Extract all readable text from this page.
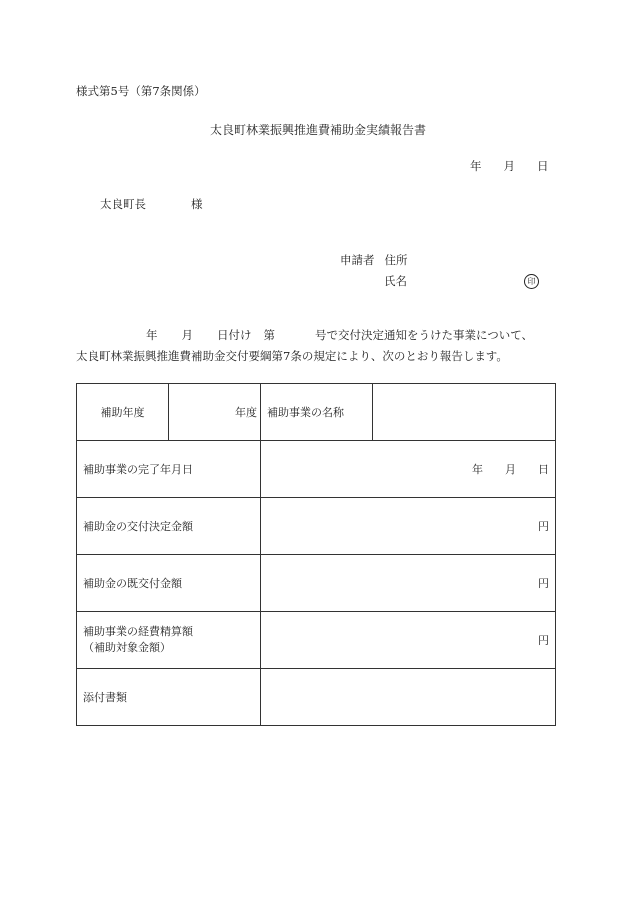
様式第5号（第7条関係）
太良町林業振興推進費補助金実績報告書
年 月 日
太良町長	様
申請者 住所
氏名	印
年 月 日付け 第	号で交付決定通知をうけた事業について、
太良町林業振興推進費補助金交付要綱第7条の規定により、次のとおり報告します。
補助年度	年度	補助事業の名称	
補助事業の完了年月日		年 月 日	
補助金の交付決定金額		円	
補助金の既交付金額		円	

補助事業の経費精算額
（補助対象金額）		円	
添付書類			
